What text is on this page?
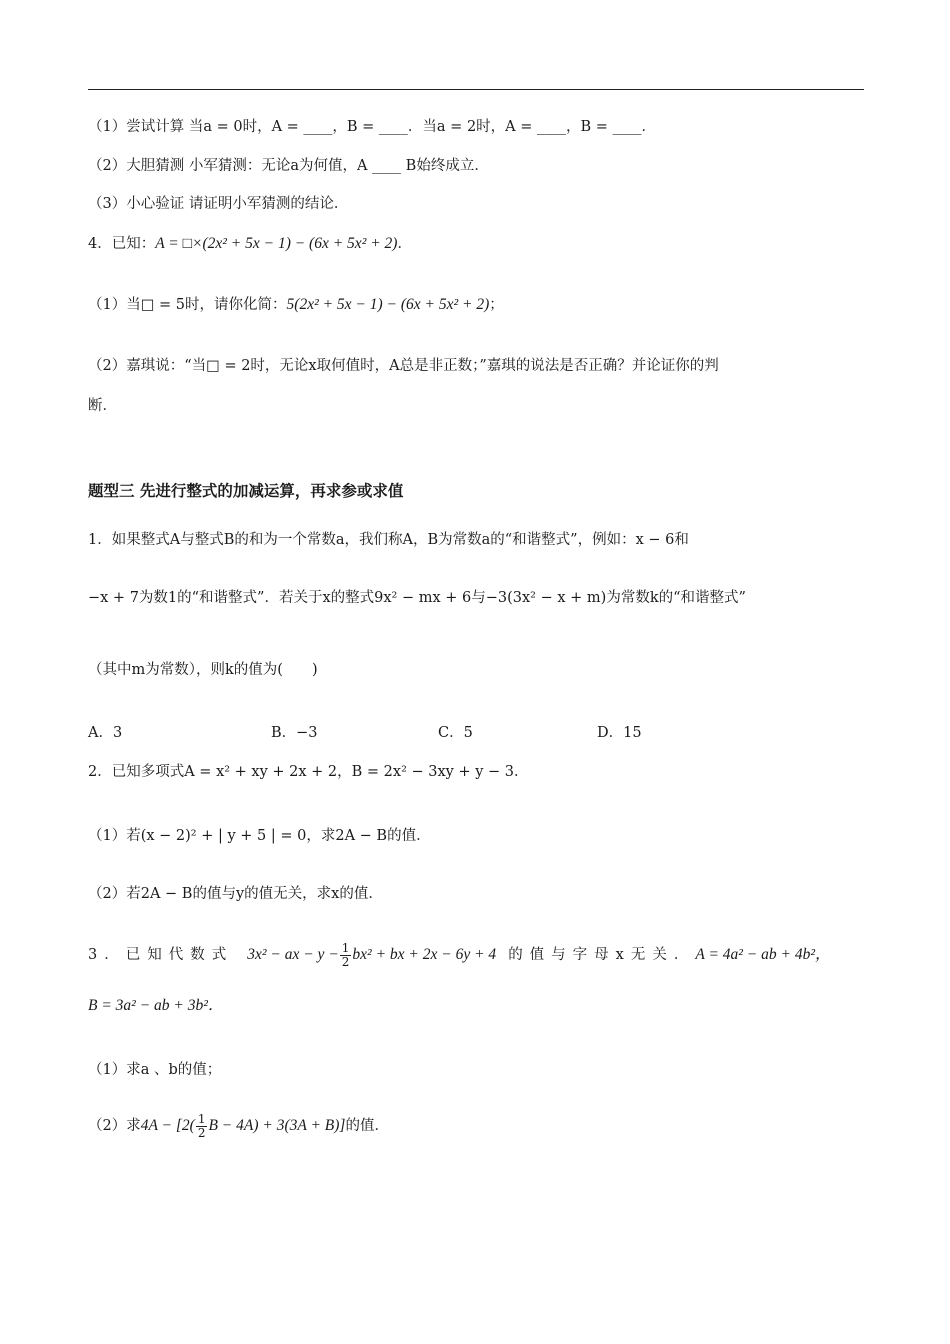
（1）尝试计算 当a = 0时，A = ____，B = ____．当a = 2时，A = ____，B = ____．
（2）大胆猜测 小军猜测：无论a为何值，A ____ B始终成立．
（3）小心验证 请证明小军猜测的结论．
4．已知：A = □×(2x² + 5x − 1) − (6x + 5x² + 2)．
（1）当□ = 5时，请你化简：5(2x² + 5x − 1) − (6x + 5x² + 2)；
（2）嘉琪说：“当□ = 2时，无论x取何值时，A总是非正数；”嘉琪的说法是否正确？并论证你的判
断．
题型三 先进行整式的加减运算，再求参或求值
1．如果整式A与整式B的和为一个常数a，我们称A，B为常数a的“和谐整式”，例如：x − 6和
−x + 7为数1的“和谐整式”．若关于x的整式9x² − mx + 6与−3(3x² − x + m)为常数k的“和谐整式”
（其中m为常数），则k的值为(　　)
A．3	B．−3	C．5	D．15
2．已知多项式A = x² + xy + 2x + 2，B = 2x² − 3xy + y − 3．
（1）若(x − 2)² + | y + 5 | = 0，求2A − B的值．
（2）若2A − B的值与y的值无关，求x的值．
3．已知代数式 3x² − ax − $y - \frac{1}{2} bx^2$ + bx + 2x − 6y + 4 的值与字母x无关．A = 4a² − ab + 4b²，
B = 3a² − ab + 3b²．
（1）求a 、b的值；
（2）求$4A - [2( \frac{1}{2}$ B − 4A) + 3(3A + B)]的值．
